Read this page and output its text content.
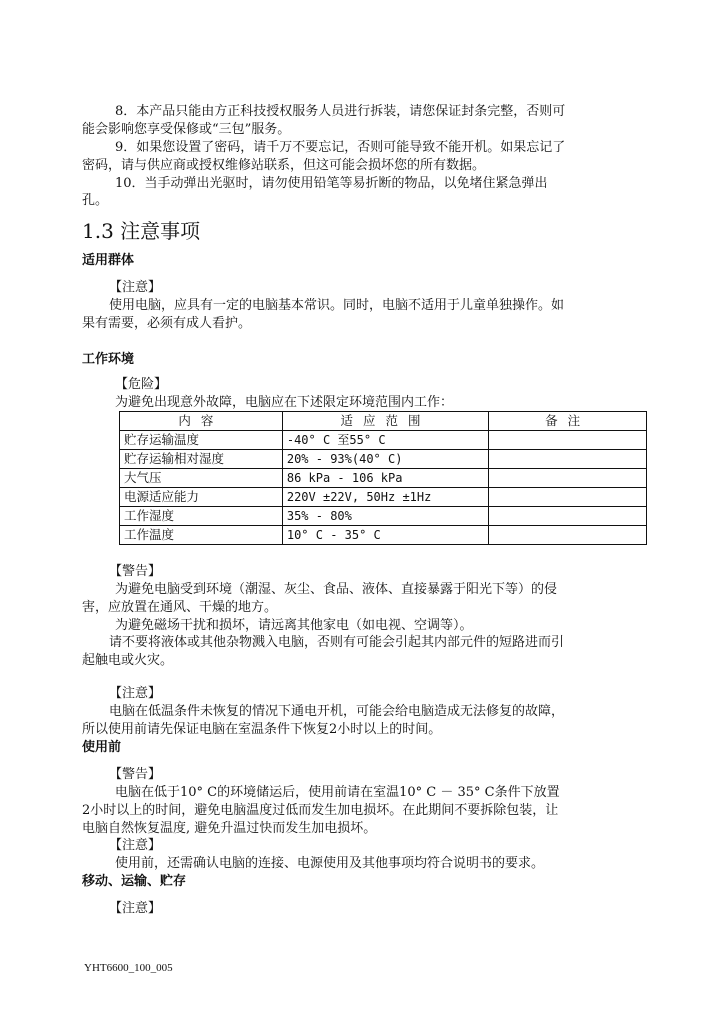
8．本产品只能由方正科技授权服务人员进行拆装，请您保证封条完整，否则可
能会影响您享受保修或“三包”服务。
9．如果您设置了密码，请千万不要忘记，否则可能导致不能开机。如果忘记了
密码，请与供应商或授权维修站联系，但这可能会损坏您的所有数据。
10．当手动弹出光驱时，请勿使用铅笔等易折断的物品，以免堵住紧急弹出
孔。
1.3 注意事项
适用群体
【注意】
使用电脑，应具有一定的电脑基本常识。同时，电脑不适用于儿童单独操作。如
果有需要，必须有成人看护。
工作环境
【危险】
为避免出现意外故障，电脑应在下述限定环境范围内工作：
内容	适应范围	备注
贮存运输温度	-40° C 至55° C	
贮存运输相对湿度	20% - 93%(40° C)	
大气压	86 kPa - 106 kPa	
电源适应能力	220V ±22V, 50Hz ±1Hz	
工作湿度	35% - 80%	
工作温度	10° C - 35° C	
【警告】
为避免电脑受到环境（潮湿、灰尘、食品、液体、直接暴露于阳光下等）的侵
害，应放置在通风、干燥的地方。
为避免磁场干扰和损坏，请远离其他家电（如电视、空调等）。
请不要将液体或其他杂物溅入电脑，否则有可能会引起其内部元件的短路进而引
起触电或火灾。
【注意】
电脑在低温条件未恢复的情况下通电开机，可能会给电脑造成无法修复的故障，
所以使用前请先保证电脑在室温条件下恢复2小时以上的时间。
使用前
【警告】
电脑在低于10° C的环境储运后，使用前请在室温10° C － 35° C条件下放置
2小时以上的时间，避免电脑温度过低而发生加电损坏。在此期间不要拆除包装，让
电脑自然恢复温度, 避免升温过快而发生加电损坏。
【注意】
使用前，还需确认电脑的连接、电源使用及其他事项均符合说明书的要求。
移动、运输、贮存
【注意】
YHT6600_100_005
